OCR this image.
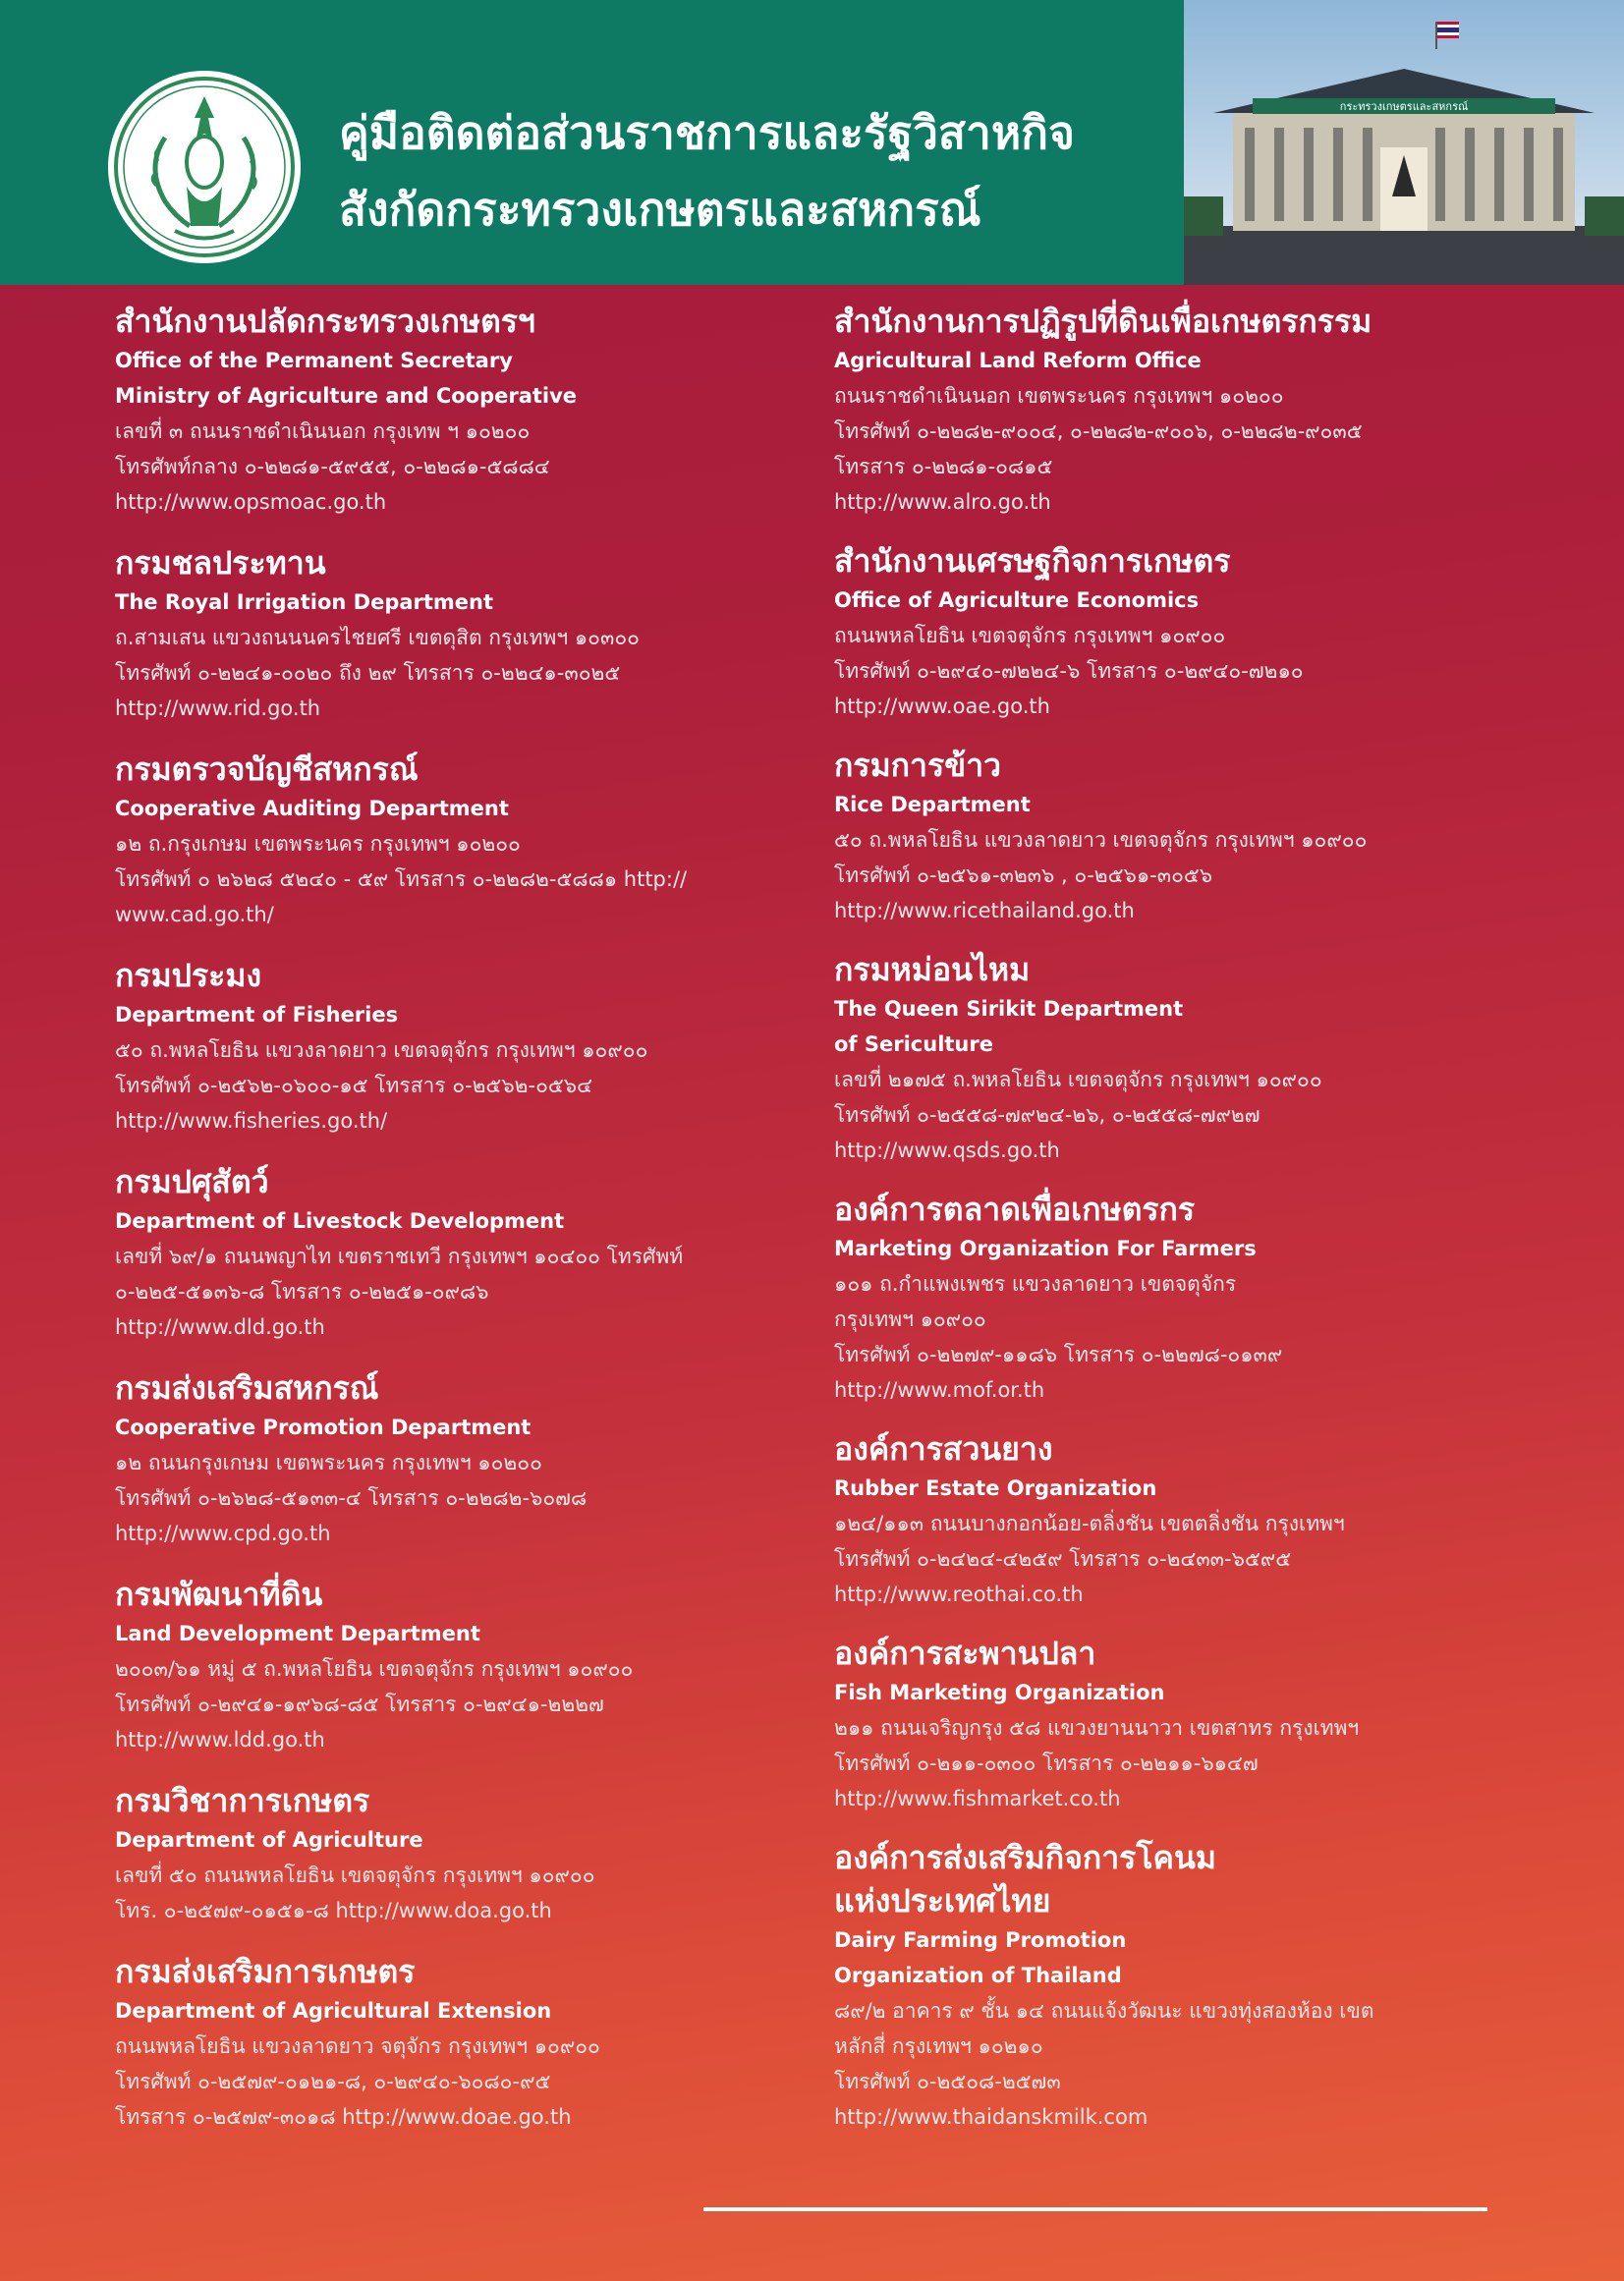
คู่มือติดต่อส่วนราชการและรัฐวิสาหกิจ
สังกัดกระทรวงเกษตรและสหกรณ์
กระทรวงเกษตรและสหกรณ์
สำนักงานปลัดกระทรวงเกษตรฯ
Office of the Permanent Secretary
Ministry of Agriculture and Cooperative
เลขที่ ๓ ถนนราชดำเนินนอก กรุงเทพ ฯ ๑๐๒๐๐
โทรศัพท์กลาง ๐-๒๒๘๑-๕๙๕๕, ๐-๒๒๘๑-๕๘๘๔
http://www.opsmoac.go.th
กรมชลประทาน
The Royal Irrigation Department
ถ.สามเสน แขวงถนนนครไชยศรี เขตดุสิต กรุงเทพฯ ๑๐๓๐๐
โทรศัพท์ ๐-๒๒๔๑-๐๐๒๐ ถึง ๒๙ โทรสาร ๐-๒๒๔๑-๓๐๒๕
http://www.rid.go.th
กรมตรวจบัญชีสหกรณ์
Cooperative Auditing Department
๑๒ ถ.กรุงเกษม เขตพระนคร กรุงเทพฯ ๑๐๒๐๐
โทรศัพท์ ๐ ๒๖๒๘ ๕๒๔๐ - ๕๙ โทรสาร ๐-๒๒๘๒-๕๘๘๑ http://
www.cad.go.th/
กรมประมง
Department of Fisheries
๕๐ ถ.พหลโยธิน แขวงลาดยาว เขตจตุจักร กรุงเทพฯ ๑๐๙๐๐
โทรศัพท์ ๐-๒๕๖๒-๐๖๐๐-๑๕ โทรสาร ๐-๒๕๖๒-๐๕๖๔
http://www.fisheries.go.th/
กรมปศุสัตว์
Department of Livestock Development
เลขที่ ๖๙/๑ ถนนพญาไท เขตราชเทวี กรุงเทพฯ ๑๐๔๐๐ โทรศัพท์
๐-๒๒๕-๕๑๓๖-๘ โทรสาร ๐-๒๒๕๑-๐๙๘๖
http://www.dld.go.th
กรมส่งเสริมสหกรณ์
Cooperative Promotion Department
๑๒ ถนนกรุงเกษม เขตพระนคร กรุงเทพฯ ๑๐๒๐๐
โทรศัพท์ ๐-๒๖๒๘-๕๑๓๓-๔ โทรสาร ๐-๒๒๘๒-๖๐๗๘
http://www.cpd.go.th
กรมพัฒนาที่ดิน
Land Development Department
๒๐๐๓/๖๑ หมู่ ๕ ถ.พหลโยธิน เขตจตุจักร กรุงเทพฯ ๑๐๙๐๐
โทรศัพท์ ๐-๒๙๔๑-๑๙๖๘-๘๕ โทรสาร ๐-๒๙๔๑-๒๒๒๗
http://www.ldd.go.th
กรมวิชาการเกษตร
Department of Agriculture
เลขที่ ๕๐ ถนนพหลโยธิน เขตจตุจักร กรุงเทพฯ ๑๐๙๐๐
โทร. ๐-๒๕๗๙-๐๑๕๑-๘ http://www.doa.go.th
กรมส่งเสริมการเกษตร
Department of Agricultural Extension
ถนนพหลโยธิน แขวงลาดยาว จตุจักร กรุงเทพฯ ๑๐๙๐๐
โทรศัพท์ ๐-๒๕๗๙-๐๑๒๑-๘, ๐-๒๙๔๐-๖๐๘๐-๙๕
โทรสาร ๐-๒๕๗๙-๓๐๑๘ http://www.doae.go.th
สำนักงานการปฏิรูปที่ดินเพื่อเกษตรกรรม
Agricultural Land Reform Office
ถนนราชดำเนินนอก เขตพระนคร กรุงเทพฯ ๑๐๒๐๐
โทรศัพท์ ๐-๒๒๘๒-๙๐๐๔, ๐-๒๒๘๒-๙๐๐๖, ๐-๒๒๘๒-๙๐๓๕
โทรสาร ๐-๒๒๘๑-๐๘๑๕
http://www.alro.go.th
สำนักงานเศรษฐกิจการเกษตร
Office of Agriculture Economics
ถนนพหลโยธิน เขตจตุจักร กรุงเทพฯ ๑๐๙๐๐
โทรศัพท์ ๐-๒๙๔๐-๗๒๒๔-๖ โทรสาร ๐-๒๙๔๐-๗๒๑๐
http://www.oae.go.th
กรมการข้าว
Rice Department
๕๐ ถ.พหลโยธิน แขวงลาดยาว เขตจตุจักร กรุงเทพฯ ๑๐๙๐๐
โทรศัพท์ ๐-๒๕๖๑-๓๒๓๖ , ๐-๒๕๖๑-๓๐๕๖
http://www.ricethailand.go.th
กรมหม่อนไหม
The Queen Sirikit Department
of Sericulture
เลขที่ ๒๑๗๕ ถ.พหลโยธิน เขตจตุจักร กรุงเทพฯ ๑๐๙๐๐
โทรศัพท์ ๐-๒๕๕๘-๗๙๒๔-๒๖, ๐-๒๕๕๘-๗๙๒๗
http://www.qsds.go.th
องค์การตลาดเพื่อเกษตรกร
Marketing Organization For Farmers
๑๐๑ ถ.กำแพงเพชร แขวงลาดยาว เขตจตุจักร
กรุงเทพฯ ๑๐๙๐๐
โทรศัพท์ ๐-๒๒๗๙-๑๑๘๖ โทรสาร ๐-๒๒๗๘-๐๑๓๙
http://www.mof.or.th
องค์การสวนยาง
Rubber Estate Organization
๑๒๔/๑๑๓ ถนนบางกอกน้อย-ตลิ่งชัน เขตตลิ่งชัน กรุงเทพฯ
โทรศัพท์ ๐-๒๔๒๔-๔๒๕๙ โทรสาร ๐-๒๔๓๓-๖๕๙๕
http://www.reothai.co.th
องค์การสะพานปลา
Fish Marketing Organization
๒๑๑ ถนนเจริญกรุง ๕๘ แขวงยานนาวา เขตสาทร กรุงเทพฯ
โทรศัพท์ ๐-๒๑๑-๐๓๐๐ โทรสาร ๐-๒๒๑๑-๖๑๔๗
http://www.fishmarket.co.th
องค์การส่งเสริมกิจการโคนม
แห่งประเทศไทย
Dairy Farming Promotion
Organization of Thailand
๘๙/๒ อาคาร ๙ ชั้น ๑๔ ถนนแจ้งวัฒนะ แขวงทุ่งสองห้อง เขต
หลักสี่ กรุงเทพฯ ๑๐๒๑๐
โทรศัพท์ ๐-๒๕๐๘-๒๕๗๓
http://www.thaidanskmilk.com
